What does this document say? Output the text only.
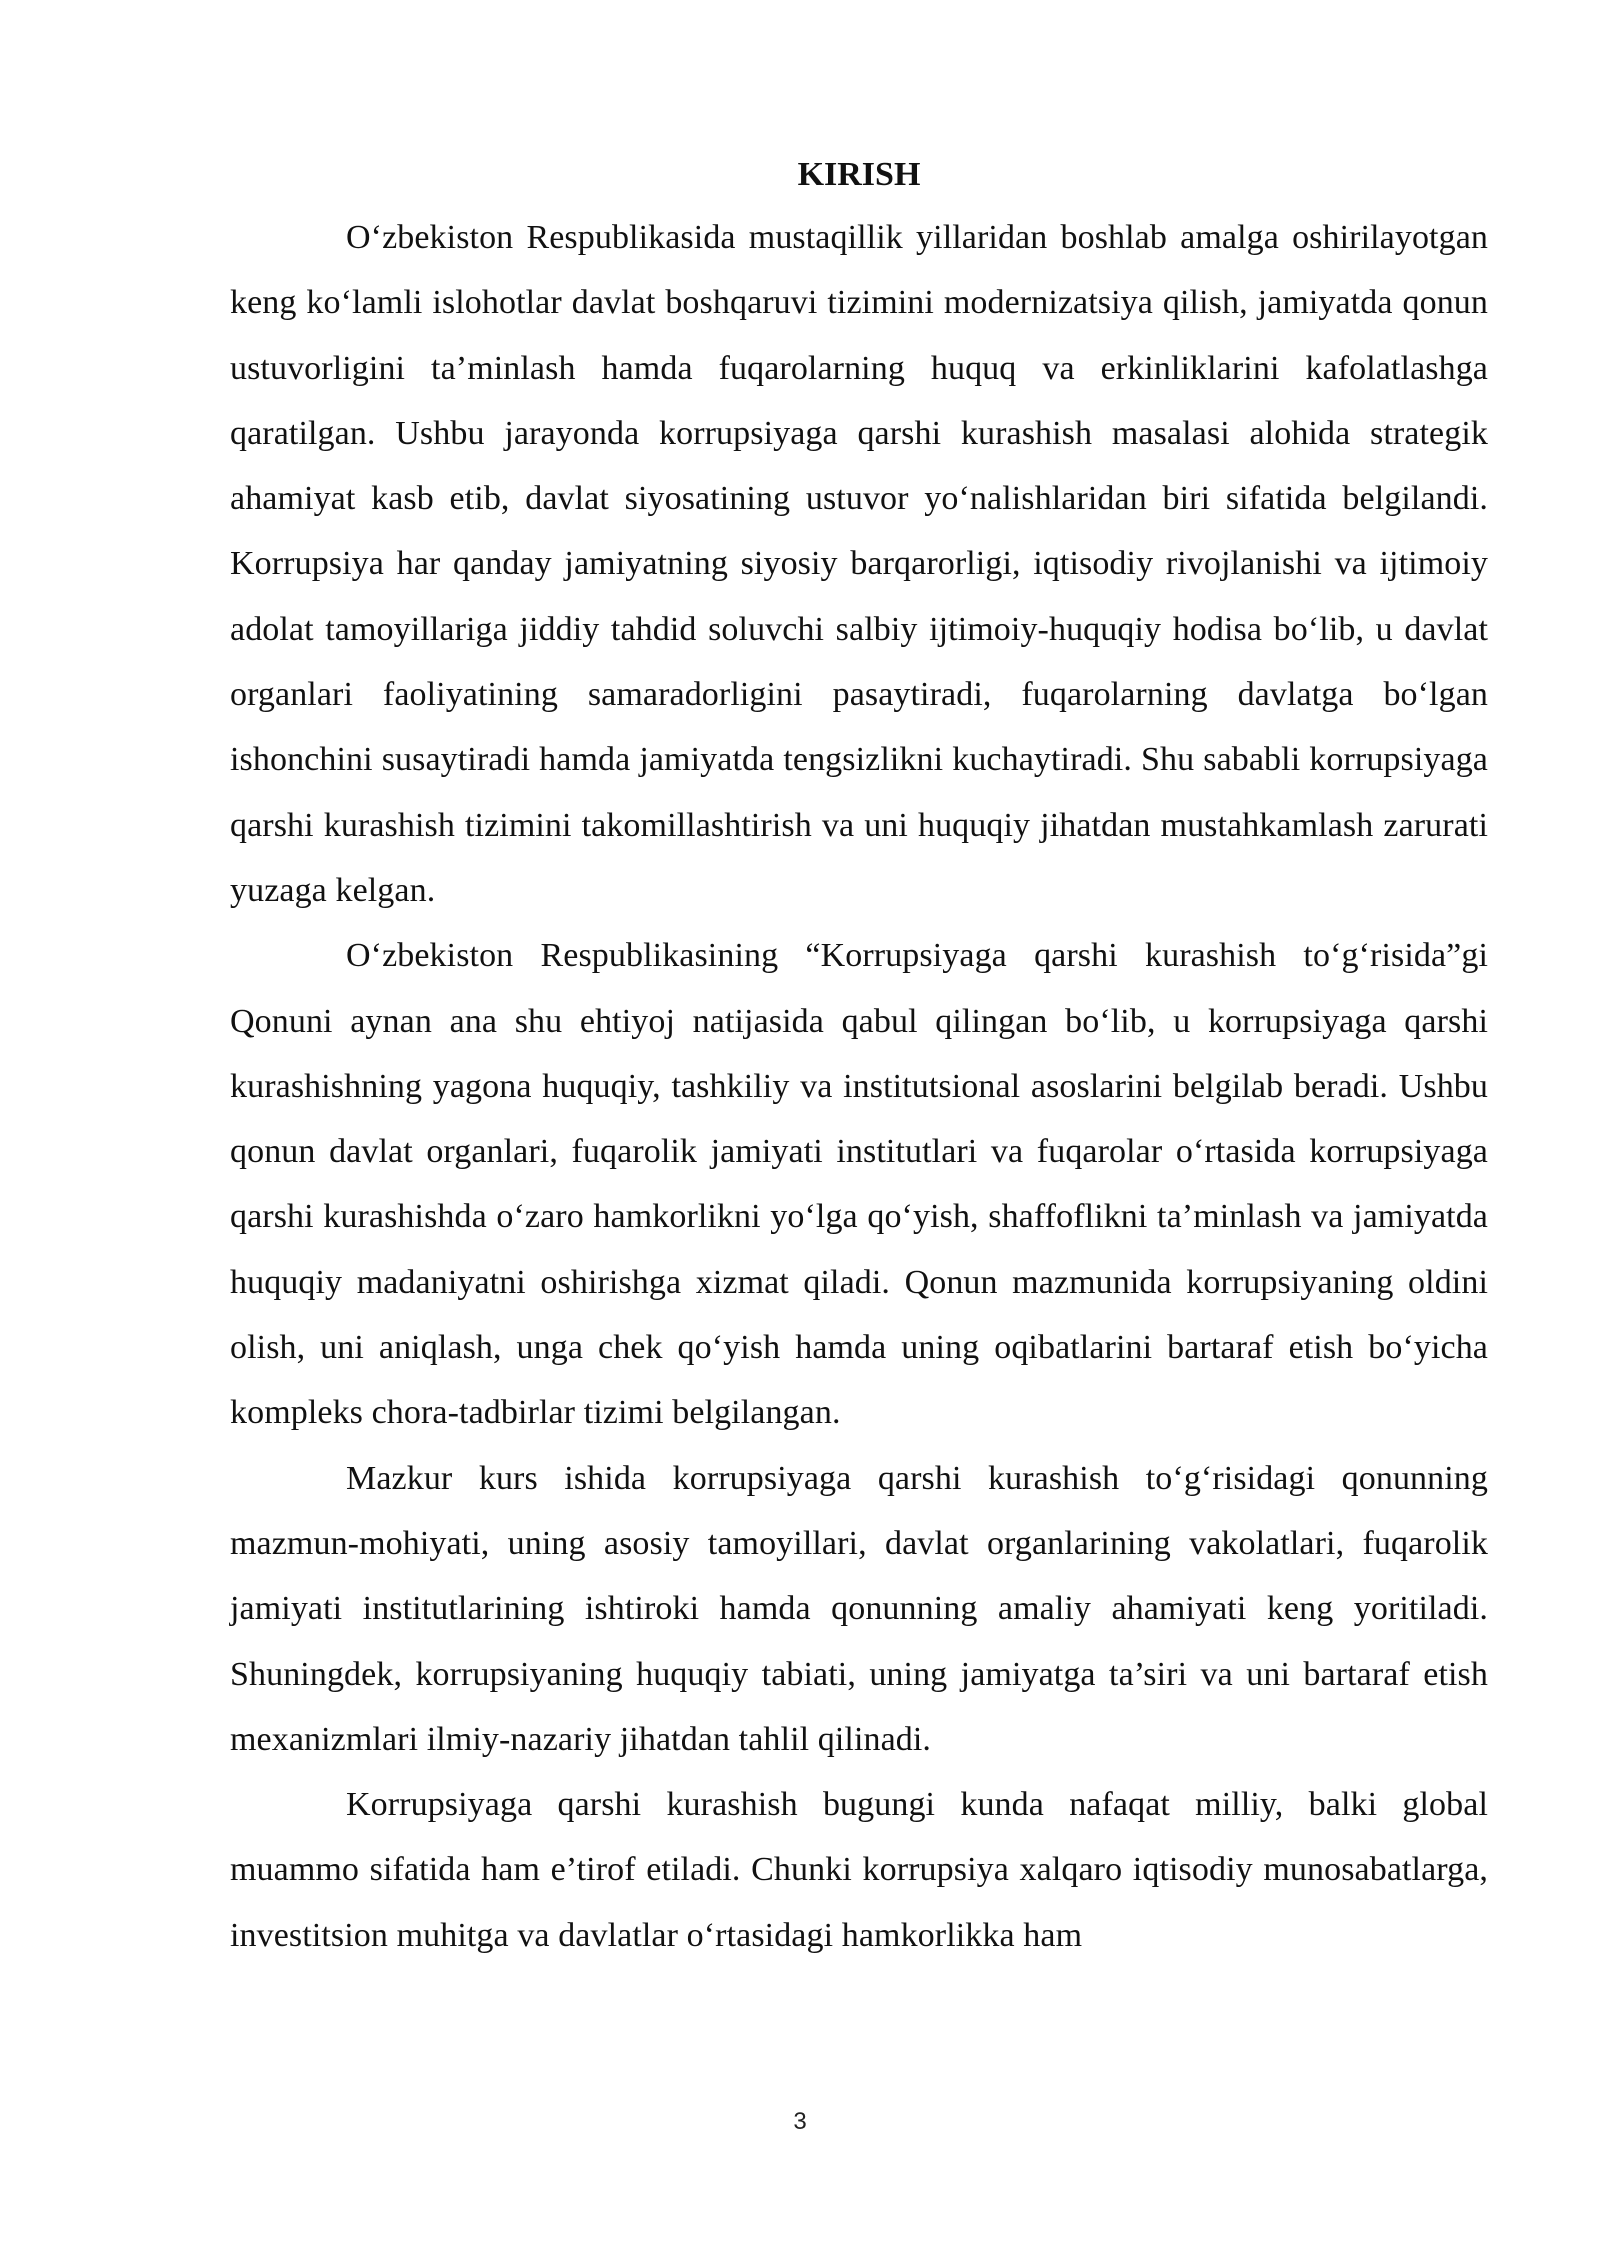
KIRISH

O‘zbekiston Respublikasida mustaqillik yillaridan boshlab amalga oshirilayotgan keng ko‘lamli islohotlar davlat boshqaruvi tizimini modernizatsiya qilish, jamiyatda qonun ustuvorligini ta’minlash hamda fuqarolarning huquq va erkinliklarini kafolatlashga qaratilgan. Ushbu jarayonda korrupsiyaga qarshi kurashish masalasi alohida strategik ahamiyat kasb etib, davlat siyosatining ustuvor yo‘nalishlaridan biri sifatida belgilandi. Korrupsiya har qanday jamiyatning siyosiy barqarorligi, iqtisodiy rivojlanishi va ijtimoiy adolat tamoyillariga jiddiy tahdid soluvchi salbiy ijtimoiy-huquqiy hodisa bo‘lib, u davlat organlari faoliyatining samaradorligini pasaytiradi, fuqarolarning davlatga bo‘lgan ishonchini susaytiradi hamda jamiyatda tengsizlikni kuchaytiradi. Shu sababli korrupsiyaga qarshi kurashish tizimini takomillashtirish va uni huquqiy jihatdan mustahkamlash zarurati yuzaga kelgan.

O‘zbekiston Respublikasining “Korrupsiyaga qarshi kurashish to‘g‘risida”gi Qonuni aynan ana shu ehtiyoj natijasida qabul qilingan bo‘lib, u korrupsiyaga qarshi kurashishning yagona huquqiy, tashkiliy va institutsional asoslarini belgilab beradi. Ushbu qonun davlat organlari, fuqarolik jamiyati institutlari va fuqarolar o‘rtasida korrupsiyaga qarshi kurashishda o‘zaro hamkorlikni yo‘lga qo‘yish, shaffoflikni ta’minlash va jamiyatda huquqiy madaniyatni oshirishga xizmat qiladi. Qonun mazmunida korrupsiyaning oldini olish, uni aniqlash, unga chek qo‘yish hamda uning oqibatlarini bartaraf etish bo‘yicha kompleks chora-tadbirlar tizimi belgilangan.

Mazkur kurs ishida korrupsiyaga qarshi kurashish to‘g‘risidagi qonunning mazmun-mohiyati, uning asosiy tamoyillari, davlat organlarining vakolatlari, fuqarolik jamiyati institutlarining ishtiroki hamda qonunning amaliy ahamiyati keng yoritiladi. Shuningdek, korrupsiyaning huquqiy tabiati, uning jamiyatga ta’siri va uni bartaraf etish mexanizmlari ilmiy-nazariy jihatdan tahlil qilinadi.

Korrupsiyaga qarshi kurashish bugungi kunda nafaqat milliy, balki global muammo sifatida ham e’tirof etiladi. Chunki korrupsiya xalqaro iqtisodiy munosabatlarga, investitsion muhitga va davlatlar o‘rtasidagi hamkorlikka ham

3
